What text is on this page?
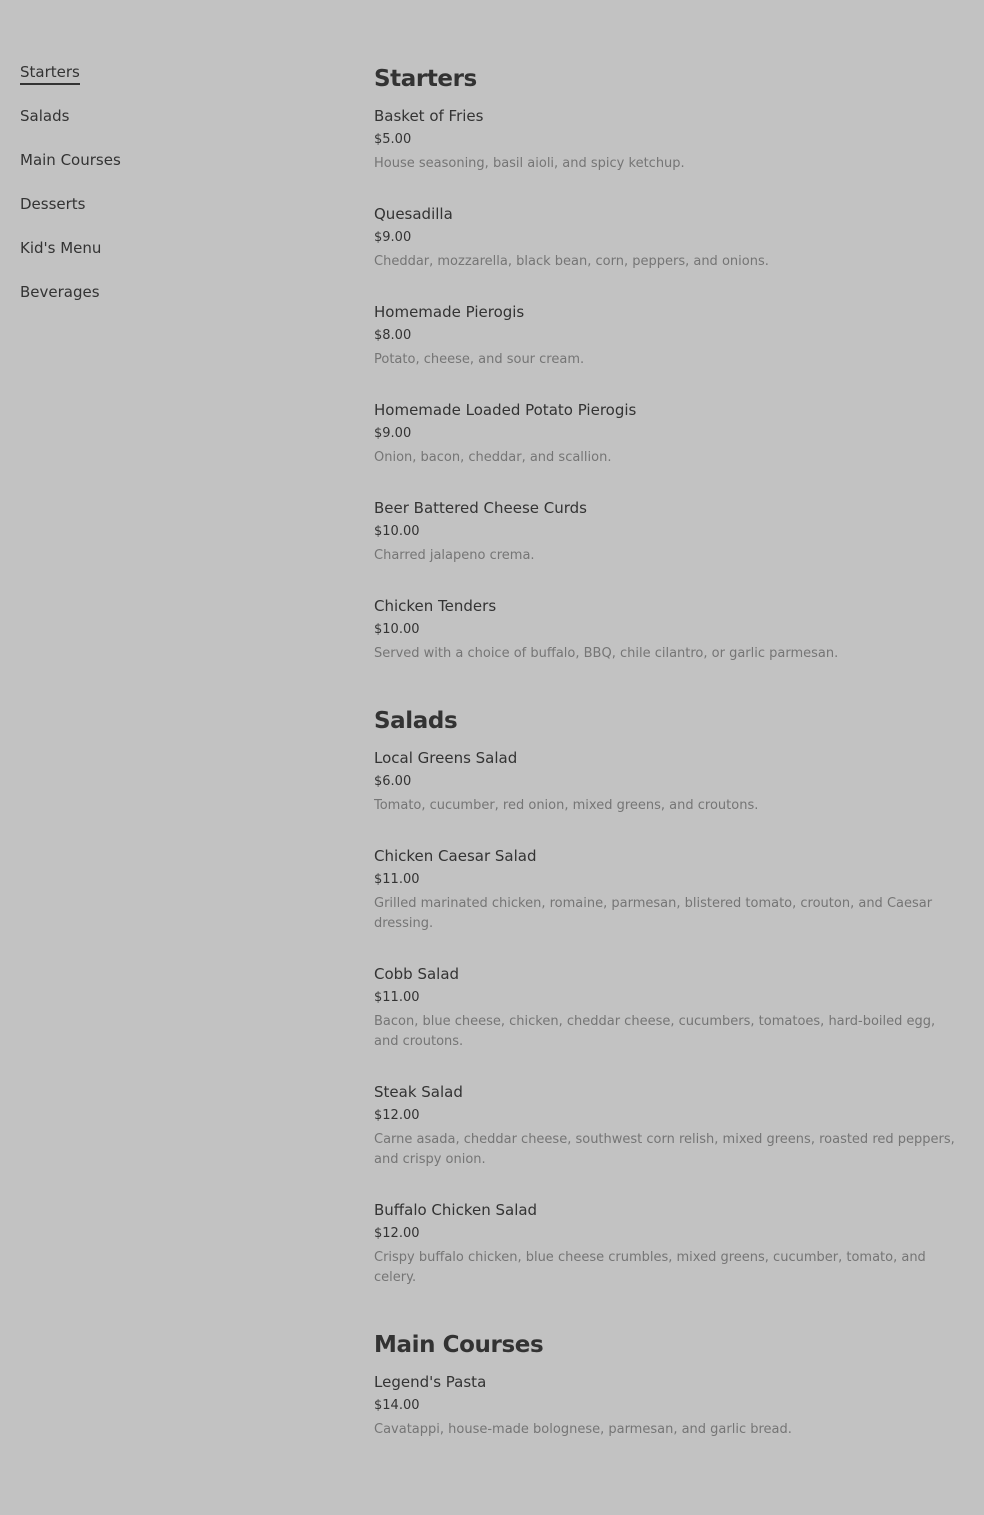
Starters
Salads
Main Courses
Desserts
Kid's Menu
Beverages
Starters
Basket of Fries
$5.00
House seasoning, basil aioli, and spicy ketchup.
Quesadilla
$9.00
Cheddar, mozzarella, black bean, corn, peppers, and onions.
Homemade Pierogis
$8.00
Potato, cheese, and sour cream.
Homemade Loaded Potato Pierogis
$9.00
Onion, bacon, cheddar, and scallion.
Beer Battered Cheese Curds
$10.00
Charred jalapeno crema.
Chicken Tenders
$10.00
Served with a choice of buffalo, BBQ, chile cilantro, or garlic parmesan.
Salads
Local Greens Salad
$6.00
Tomato, cucumber, red onion, mixed greens, and croutons.
Chicken Caesar Salad
$11.00
Grilled marinated chicken, romaine, parmesan, blistered tomato, crouton, and Caesar dressing.
Cobb Salad
$11.00
Bacon, blue cheese, chicken, cheddar cheese, cucumbers, tomatoes, hard-boiled egg, and croutons.
Steak Salad
$12.00
Carne asada, cheddar cheese, southwest corn relish, mixed greens, roasted red peppers, and crispy onion.
Buffalo Chicken Salad
$12.00
Crispy buffalo chicken, blue cheese crumbles, mixed greens, cucumber, tomato, and celery.
Main Courses
Legend's Pasta
$14.00
Cavatappi, house-made bolognese, parmesan, and garlic bread.
